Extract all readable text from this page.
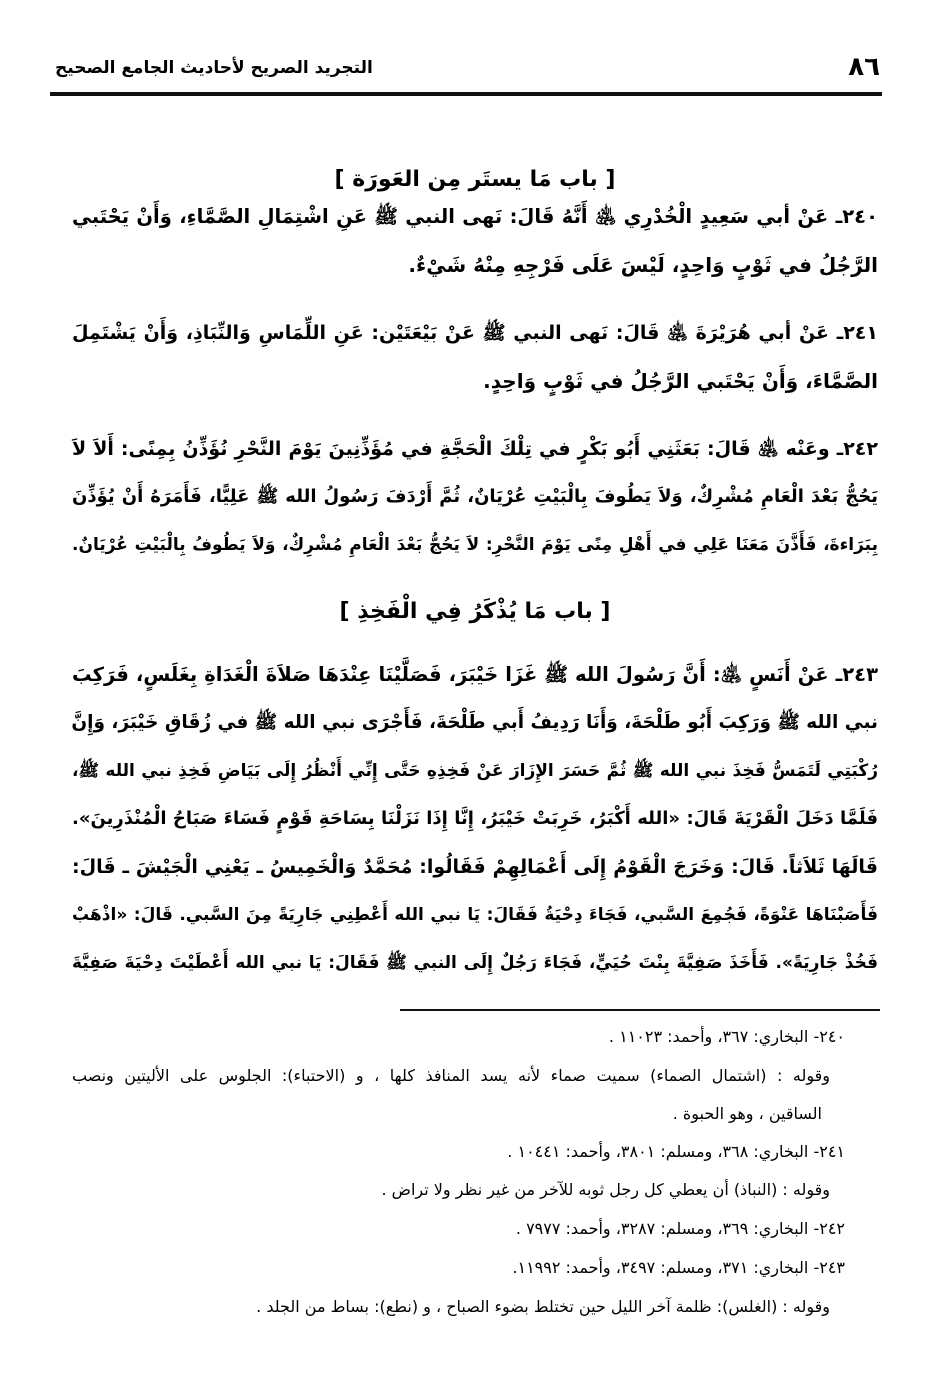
٨٦
التجريد الصريح لأحاديث الجامع الصحيح
[ باب مَا يستَر مِن العَورَة ]
٢٤٠ـ عَنْ أبي سَعِيدٍ الْخُدْرِي ﵁ أَنَّهُ قَالَ: نَهى النبي ﷺ عَنِ اشْتِمَالِ الصَّمَّاءِ، وَأَنْ يَحْتَبي
الرَّجُلُ في ثَوْبٍ وَاحِدٍ، لَيْسَ عَلَى فَرْجِهِ مِنْهُ شَيْءٌ.
٢٤١ـ عَنْ أبي هُرَيْرَةَ ﵁ قَالَ: نَهى النبي ﷺ عَنْ بَيْعَتَيْن: عَنِ اللِّمَاسِ وَالنِّبَاذِ، وَأَنْ يَشْتَمِلَ
الصَّمَّاءَ، وَأَنْ يَحْتَبي الرَّجُلُ في ثَوْبٍ وَاحِدٍ.
٢٤٢ـ وعَنْه ﵁ قَالَ: بَعَثَنِي أَبُو بَكْرٍ في تِلْكَ الْحَجَّةِ في مُؤَذِّنِينَ يَوْمَ النَّحْرِ نُؤَذِّنُ بِمِنًى: أَلاَ لاَ
يَحُجُّ بَعْدَ الْعَامِ مُشْرِكٌ، وَلاَ يَطُوفَ بِالْبَيْتِ عُرْيَانٌ، ثُمَّ أَرْدَفَ رَسُولُ الله ﷺ عَلِيًّا، فَأَمَرَهُ أَنْ يُؤَذِّنَ
بِبَرَاءةَ، فَأَذَّنَ مَعَنَا عَلِي في أَهْلِ مِنًى يَوْمَ النَّحْرِ: لاَ يَحُجُّ بَعْدَ الْعَامِ مُشْرِكٌ، وَلاَ يَطُوفُ بِالْبَيْتِ عُرْيَانٌ.
[ باب مَا يُذْكَرُ فِي الْفَخِذِ ]
٢٤٣ـ عَنْ أَنَسٍ ﵁: أَنَّ رَسُولَ الله ﷺ غَزَا خَيْبَرَ، فَصَلَّيْنَا عِنْدَهَا صَلاَةَ الْغَدَاةِ بِغَلَسٍ، فَرَكِبَ
نبي الله ﷺ وَرَكِبَ أَبُو طَلْحَةَ، وَأَنَا رَدِيفُ أَبي طَلْحَةَ، فَأَجْرَى نبي الله ﷺ في زُقَاقِ خَيْبَرَ، وَإِنَّ
رُكْبَتِي لَتَمَسُّ فَخِذَ نبي الله ﷺ ثُمَّ حَسَرَ الإِزَارَ عَنْ فَخِذِهِ حَتَّى إِنِّي أَنْظُرُ إِلَى بَيَاضِ فَخِذِ نبي الله ﷺ،
فَلَمَّا دَخَلَ الْقَرْيَةَ قَالَ: «الله أَكْبَرُ، خَرِبَتْ خَيْبَرُ، إِنَّا إِذَا نَزَلْنَا بِسَاحَةِ قَوْمٍ فَسَاءَ صَبَاحُ الْمُنْذَرِينَ».
قَالَهَا ثَلاَثاً. قَالَ: وَخَرَجَ الْقَوْمُ إِلَى أَعْمَالِهِمْ فَقَالُوا: مُحَمَّدٌ وَالْخَمِيسُ ـ يَعْنِي الْجَيْشَ ـ قَالَ:
فَأَصَبْنَاهَا عَنْوَةً، فَجُمِعَ السَّبي، فَجَاءَ دِحْيَةُ فَقَالَ: يَا نبي الله أَعْطِنِي جَارِيَةً مِنَ السَّبي. قَالَ: «اذْهَبْ
فَخُذْ جَارِيَةً». فَأَخَذَ صَفِيَّةَ بِنْتَ حُيَيٍّ، فَجَاءَ رَجُلٌ إِلَى النبي ﷺ فَقَالَ: يَا نبي الله أَعْطَيْتَ دِحْيَةَ صَفِيَّةَ
٢٤٠- البخاري: ٣٦٧، وأحمد: ١١٠٢٣ .
وقوله : (اشتمال الصماء) سميت صماء لأنه يسد المنافذ كلها ، و (الاحتباء): الجلوس على الأليتين ونصب
الساقين ، وهو الحبوة .
٢٤١- البخاري: ٣٦٨، ومسلم: ٣٨٠١، وأحمد: ١٠٤٤١ .
وقوله : (النباذ) أن يعطي كل رجل ثوبه للآخر من غير نظر ولا تراض .
٢٤٢- البخاري: ٣٦٩، ومسلم: ٣٢٨٧، وأحمد: ٧٩٧٧ .
٢٤٣- البخاري: ٣٧١، ومسلم: ٣٤٩٧، وأحمد: ١١٩٩٢.
وقوله : (الغلس): ظلمة آخر الليل حين تختلط بضوء الصباح ، و (نطع): بساط من الجلد .
